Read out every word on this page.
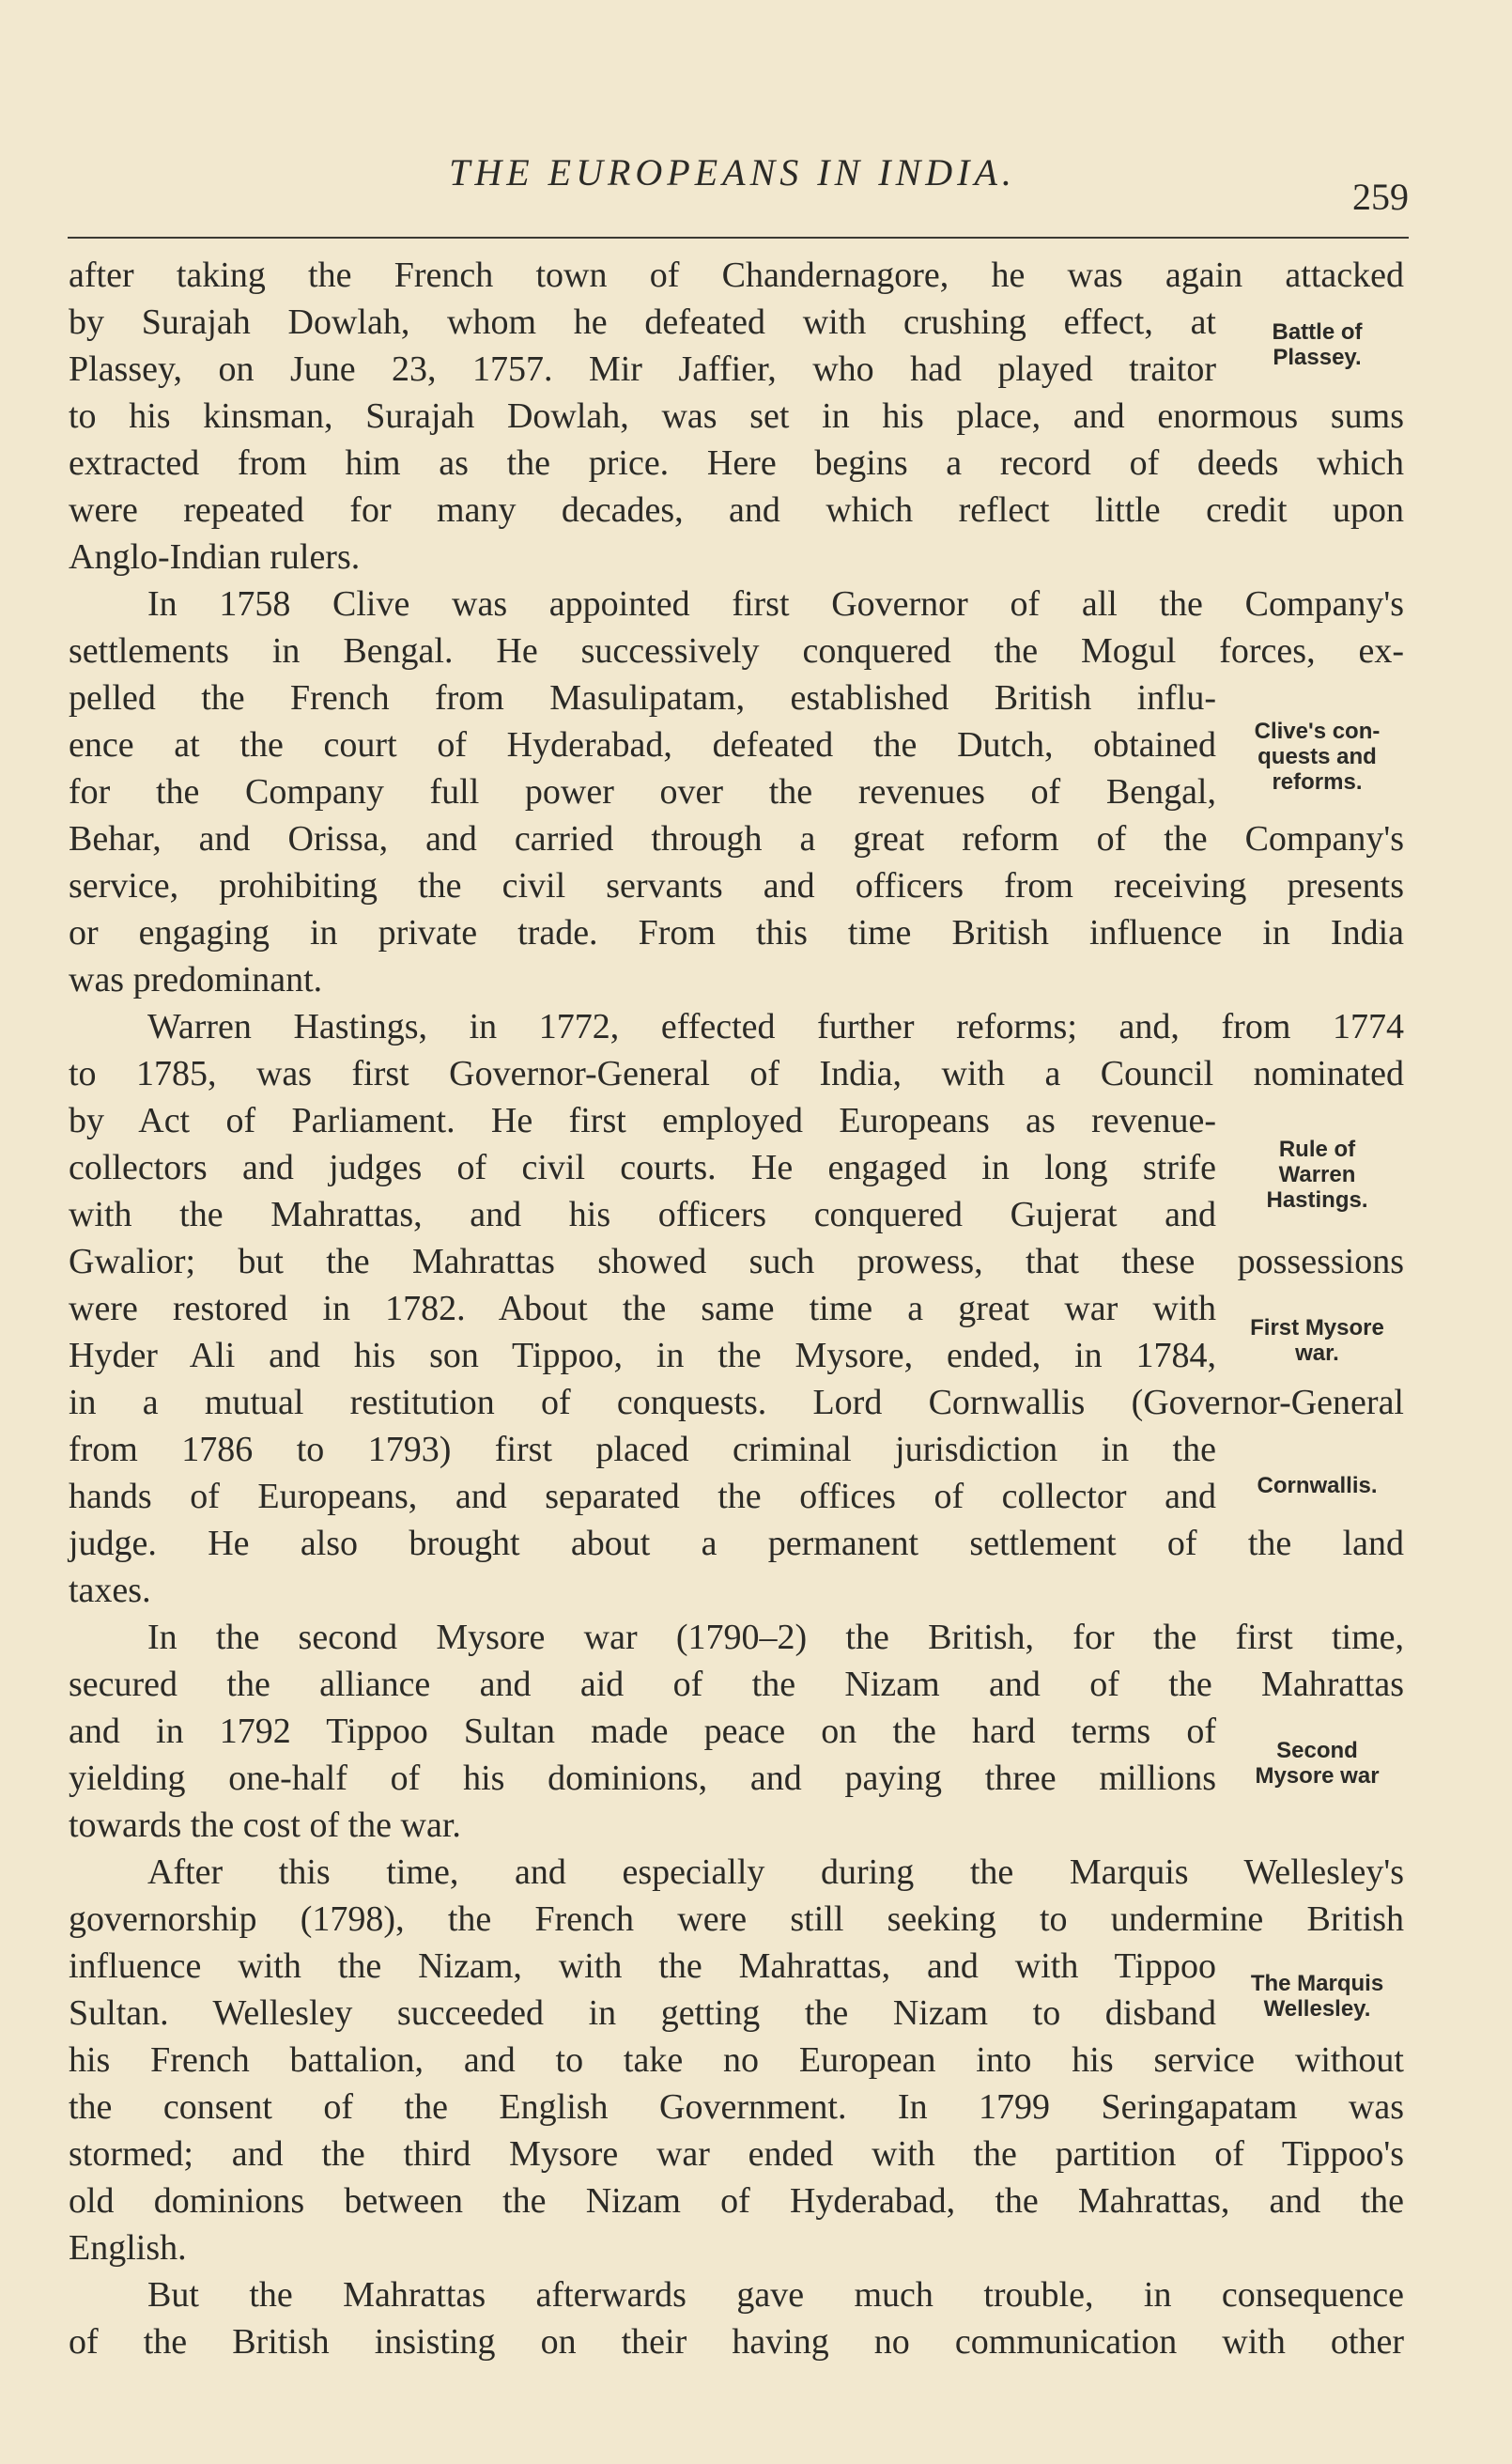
THE EUROPEANS IN INDIA.
259
after taking the French town of Chandernagore, he was again attacked
by Surajah Dowlah, whom he defeated with crushing effect, at
Plassey, on June 23, 1757. Mir Jaffier, who had played traitor
to his kinsman, Surajah Dowlah, was set in his place, and enormous sums
extracted from him as the price. Here begins a record of deeds which
were repeated for many decades, and which reflect little credit upon
Anglo-Indian rulers.
In 1758 Clive was appointed first Governor of all the Company's
settlements in Bengal. He successively conquered the Mogul forces, ex-
pelled the French from Masulipatam, established British influ-
ence at the court of Hyderabad, defeated the Dutch, obtained
for the Company full power over the revenues of Bengal,
Behar, and Orissa, and carried through a great reform of the Company's
service, prohibiting the civil servants and officers from receiving presents
or engaging in private trade. From this time British influence in India
was predominant.
Warren Hastings, in 1772, effected further reforms; and, from 1774
to 1785, was first Governor-General of India, with a Council nominated
by Act of Parliament. He first employed Europeans as revenue-
collectors and judges of civil courts. He engaged in long strife
with the Mahrattas, and his officers conquered Gujerat and
Gwalior; but the Mahrattas showed such prowess, that these possessions
were restored in 1782. About the same time a great war with
Hyder Ali and his son Tippoo, in the Mysore, ended, in 1784,
in a mutual restitution of conquests. Lord Cornwallis (Governor-General
from 1786 to 1793) first placed criminal jurisdiction in the
hands of Europeans, and separated the offices of collector and
judge. He also brought about a permanent settlement of the land
taxes.
In the second Mysore war (1790–2) the British, for the first time,
secured the alliance and aid of the Nizam and of the Mahrattas
and in 1792 Tippoo Sultan made peace on the hard terms of
yielding one-half of his dominions, and paying three millions
towards the cost of the war.
After this time, and especially during the Marquis Wellesley's
governorship (1798), the French were still seeking to undermine British
influence with the Nizam, with the Mahrattas, and with Tippoo
Sultan. Wellesley succeeded in getting the Nizam to disband
his French battalion, and to take no European into his service without
the consent of the English Government. In 1799 Seringapatam was
stormed; and the third Mysore war ended with the partition of Tippoo's
old dominions between the Nizam of Hyderabad, the Mahrattas, and the
English.
But the Mahrattas afterwards gave much trouble, in consequence
of the British insisting on their having no communication with other
Battle of
Plassey.
Clive's con-
quests and
reforms.
Rule of
Warren
Hastings.
First Mysore
war.
Cornwallis.
Second
Mysore war
The Marquis
Wellesley.
